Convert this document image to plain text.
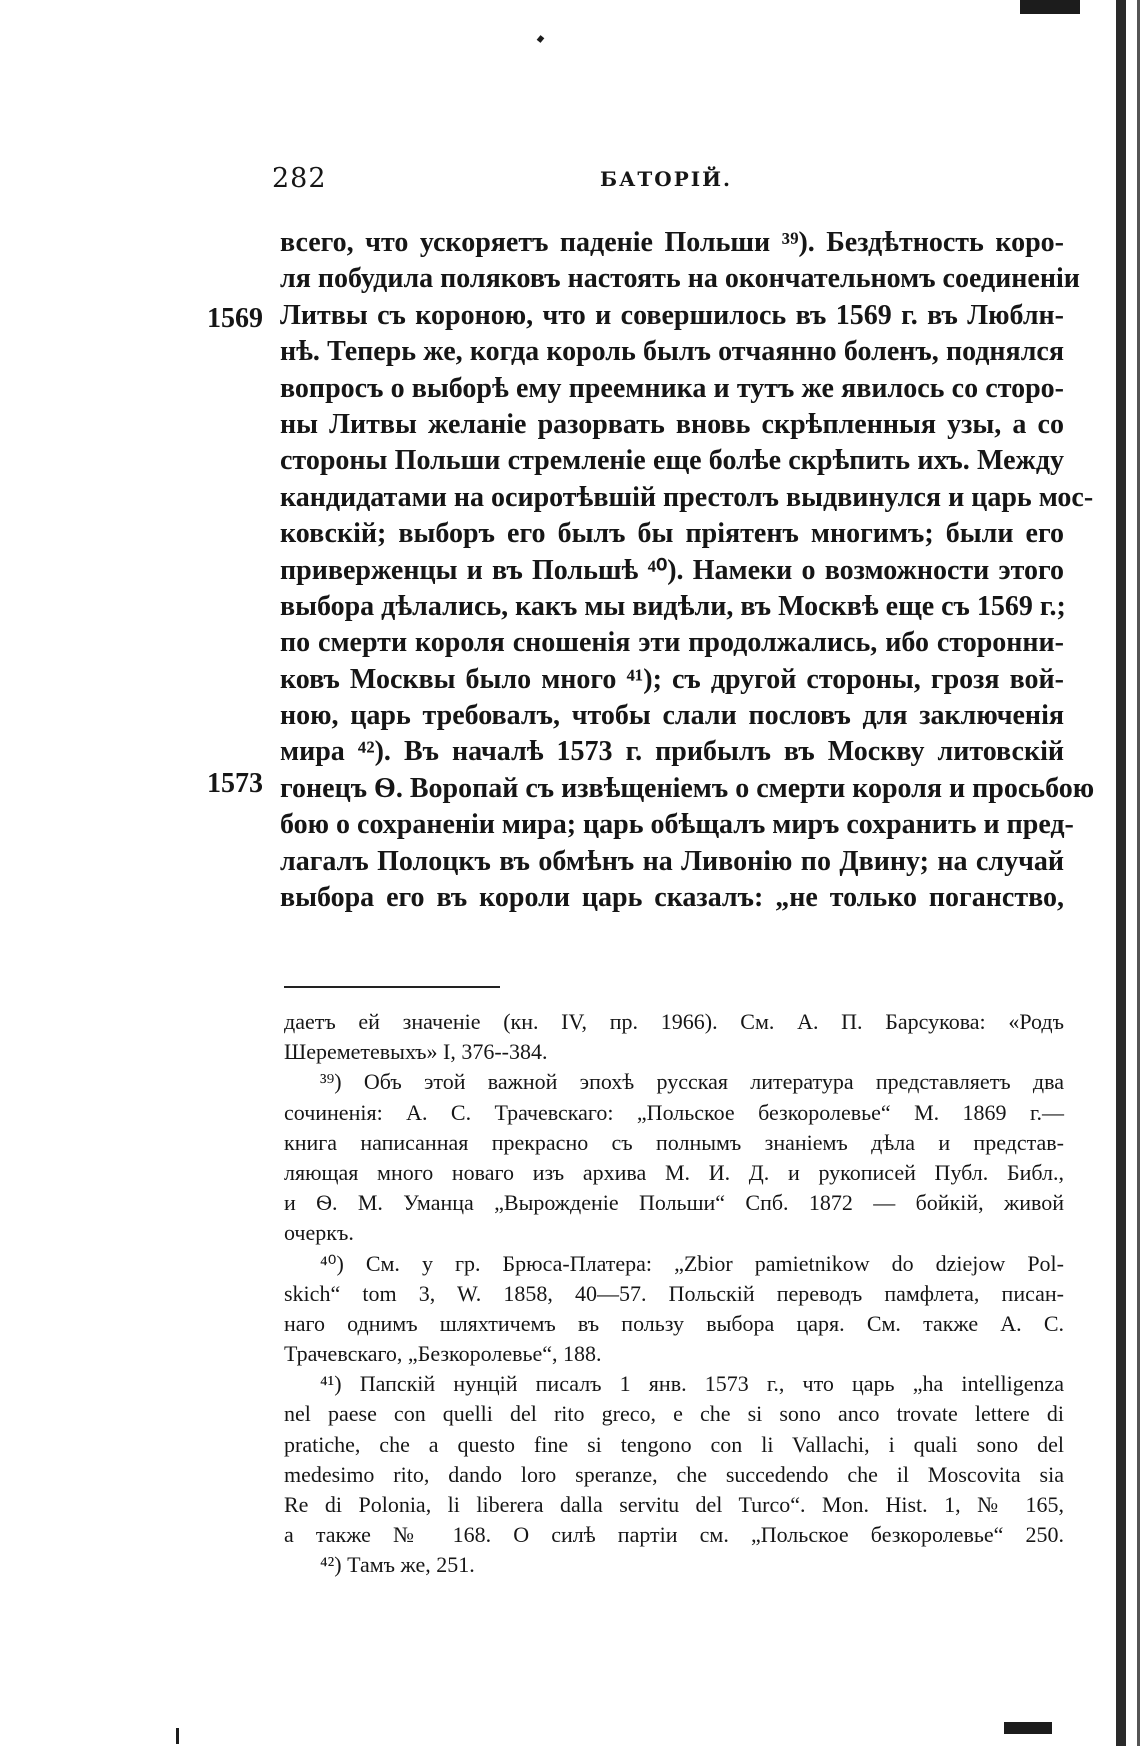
282	БАТОРІЙ.
1569
1573
всего, что ускоряетъ паденіе Польши ³⁹). Бездѣтность коро-
ля побудила поляковъ настоять на окончательномъ соединеніи
Литвы съ короною, что и совершилось въ 1569 г. въ Люблн-
нѣ. Теперь же, когда король былъ отчаянно боленъ, поднялся
вопросъ о выборѣ ему преемника и тутъ же явилось со сторо-
ны Литвы желаніе разорвать вновь скрѣпленныя узы, а со
стороны Польши стремленіе еще болѣе скрѣпить ихъ. Между
кандидатами на осиротѣвшій престолъ выдвинулся и царь мос-
ковскій; выборъ его былъ бы пріятенъ многимъ; были его
приверженцы и въ Польшѣ ⁴⁰). Намеки о возможности этого
выбора дѣлались, какъ мы видѣли, въ Москвѣ еще съ 1569 г.;
по смерти короля сношенія эти продолжались, ибо сторонни-
ковъ Москвы было много ⁴¹); съ другой стороны, грозя вой-
ною, царь требовалъ, чтобы слали пословъ для заключенія
мира ⁴²). Въ началѣ 1573 г. прибылъ въ Москву литовскій
гонецъ Ѳ. Воропай съ извѣщеніемъ о смерти короля и просьбою
бою о сохраненіи мира; царь обѣщалъ миръ сохранить и пред-
лагалъ Полоцкъ въ обмѣнъ на Ливонію по Двину; на случай
выбора его въ короли царь сказалъ: „не только поганство,
даетъ ей значеніе (кн. IV, пр. 1966). См. А. П. Барсукова: «Родъ
Шереметевыхъ» I, 376--384.
³⁹) Объ этой важной эпохѣ русская литература представляетъ два
сочиненія: А. С. Трачевскаго: „Польское безкоролевье“ М. 1869 г.—
книга написанная прекрасно съ полнымъ знаніемъ дѣла и представ-
ляющая много новаго изъ архива М. И. Д. и рукописей Публ. Библ.,
и Ѳ. М. Уманца „Вырожденіе Польши“ Спб. 1872 — бойкій, живой
очеркъ.
⁴⁰) См. у гр. Брюса-Платера: „Zbior pamietnikow do dziejow Pol-
skich“ tom 3, W. 1858, 40—57. Польскій переводъ памфлета, писан-
наго однимъ шляхтичемъ въ пользу выбора царя. См. также А. С.
Трачевскаго, „Безкоролевье“, 188.
⁴¹) Папскій нунцій писалъ 1 янв. 1573 г., что царь „ha intelligenza
nel paese con quelli del rito greco, e che si sono anco trovate lettere di
pratiche, che a questo fine si tengono con li Vallachi, i quali sono del
medesimo rito, dando loro speranze, che succedendo che il Moscovita sia
Re di Polonia, li liberera dalla servitu del Turco“. Mon. Hist. 1, № 165,
а также № 168. О силѣ партіи см. „Польское безкоролевье“ 250.
⁴²) Тамъ же, 251.
